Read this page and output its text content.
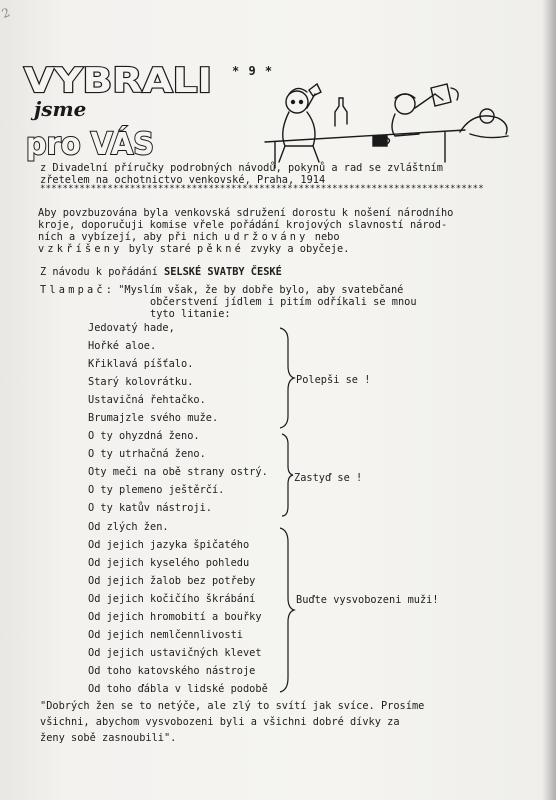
2
* 9 *
VYBRALI
jsme
pro VÁS
z Divadelní příručky podrobných návodů, pokynů a rad se zvláštním
zřetelem na ochotnictvo venkovské, Praha, 1914
*******************************************************************************
Aby povzbuzována byla venkovská sdružení dorostu k nošení národního
kroje, doporučuji komise vřele pořádání krojových slavností národ-
ních a vybízejí, aby při nich udržovány nebo
vzkříšeny byly staré pěkné zvyky a obyčeje.
Z návodu k pořádání SELSKÉ SVATBY ČESKÉ
Tlampač: "Myslím však, že by dobře bylo, aby svatebčané
občerstvení jídlem i pitím odříkali se mnou
tyto litanie:
Jedovatý hade,
Hořké aloe.
Křiklavá píšťalo.
Starý kolovrátku.
Ustavičná řehtačko.
Brumajzle svého muže.
Polepši se !
O ty ohyzdná ženo.
O ty utrhačná ženo.
Oty meči na obě strany ostrý.
O ty plemeno ještěrčí.
O ty katův nástroji.
Zastyď se !
Od zlých žen.
Od jejich jazyka špičatého
Od jejich kyselého pohledu
Od jejich žalob bez potřeby
Od jejich kočičího škrábání
Od jejich hromobití a bouřky
Od jejich nemlčennlivosti
Od jejich ustavičných klevet
Od toho katovského nástroje
Od toho ďábla v lidské podobě
Buďte vysvobozeni muži!
"Dobrých žen se to netýče, ale zlý to svítí jak svíce. Prosíme
všichni, abychom vysvobozeni byli a všichni dobré dívky za
ženy sobě zasnoubili".
